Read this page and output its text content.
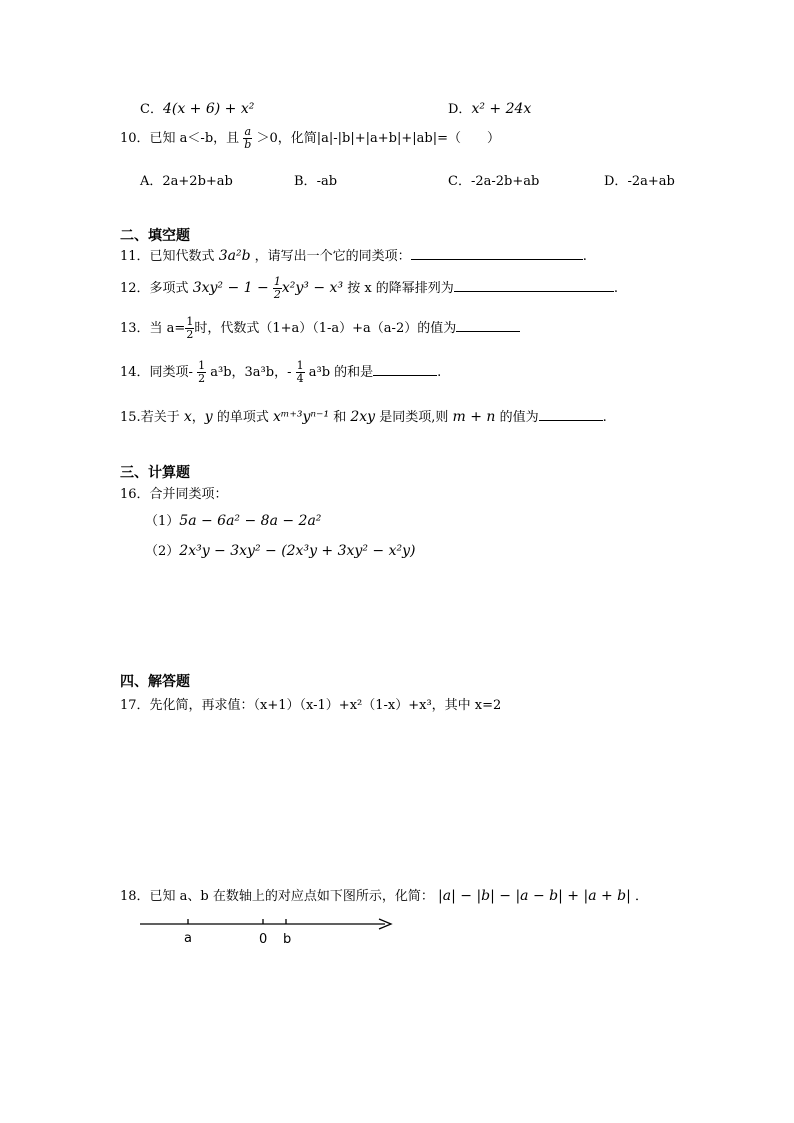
C．4(x + 6) + x²	D．x² + 24x
10．已知 a＜-b，且 $\frac{a}{b} >0$，化简|a|-|b|+|a+b|+|ab|=（　　）
A．2a+2b+ab	B．-ab	C．-2a-2b+ab	D．-2a+ab
二、填空题
11．已知代数式 3a²b ，请写出一个它的同类项：	.
12．多项式 $3xy^2 - 1 - \frac{1}{2} x^2y^3 - x^3$ 按 x 的降幂排列为	.
13．当 $a= \frac{1}{2}$ 时，代数式（1+a）（1-a）+a（a-2）的值为
14．同类项- $\frac{1}{2} a^3b$，3a³b，- $\frac{1}{4} a^3b$ 的和是	.
15.若关于 x，y 的单项式 xᵐ⁺³yⁿ⁻¹ 和 2xy 是同类项,则 m + n 的值为	.
三、计算题
16．合并同类项：
（1）5a − 6a² − 8a − 2a²
（2）2x³y − 3xy² − (2x³y + 3xy² − x²y)
四、解答题
17．先化简，再求值：（x+1）（x-1）+x²（1-x）+x³，其中 x=2
18．已知 a、b 在数轴上的对应点如下图所示，化简： |a| − |b| − |a − b| + |a + b| ．
a	0 b
